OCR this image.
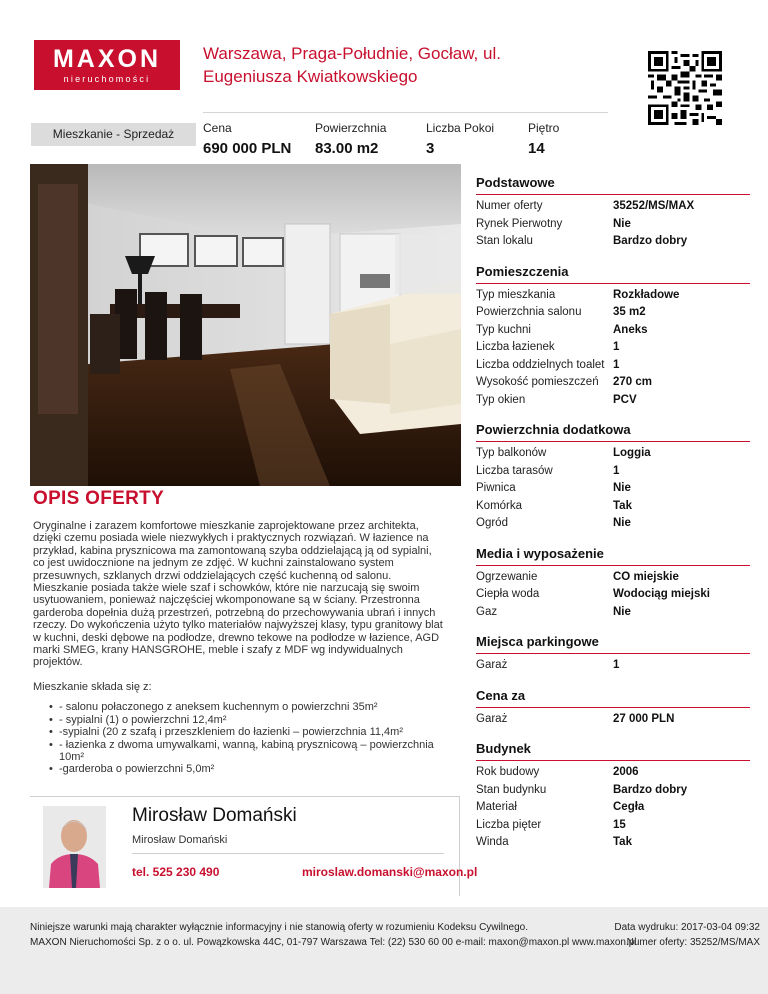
MAXON
nieruchomości
Warszawa, Praga-Południe, Gocław, ul. Eugeniusza Kwiatkowskiego
Mieszkanie - Sprzedaż	Cena
690 000 PLN
Powierzchnia
83.00 m2
Liczba Pokoi
3
Piętro
14
Podstawowe
Numer oferty	35252/MS/MAX
Rynek Pierwotny	Nie
Stan lokalu	Bardzo dobry
Pomieszczenia
Typ mieszkania	Rozkładowe
Powierzchnia salonu	35 m2
Typ kuchni	Aneks
Liczba łazienek	1
Liczba oddzielnych toalet 1
Wysokość pomieszczeń	270 cm
Typ okien	PCV
Powierzchnia dodatkowa
Typ balkonów	Loggia
Liczba tarasów	1
Piwnica	Nie
Komórka	Tak
Ogród	Nie
Media i wyposażenie
Ogrzewanie	CO miejskie
Ciepła woda	Wodociąg miejski
Gaz	Nie
Miejsca parkingowe
Garaż	1
Cena za
Garaż	27 000 PLN
Budynek
Rok budowy	2006
Stan budynku	Bardzo dobry
Materiał	Cegła
Liczba pięter	15
Winda	Tak
OPIS OFERTY

Oryginalne i zarazem komfortowe mieszkanie zaprojektowane przez architekta, dzięki czemu posiada wiele niezwykłych i praktycznych rozwiązań. W łazience na przykład, kabina prysznicowa ma zamontowaną szyba oddzielającą ją od sypialni, co jest uwidocznione na jednym ze zdjęć. W kuchni zainstalowano system przesuwnych, szklanych drzwi oddzielających część kuchenną od salonu. Mieszkanie posiada także wiele szaf i schowków, które nie narzucają się swoim usytuowaniem, ponieważ najczęściej wkomponowane są w ściany. Przestronna garderoba dopełnia dużą przestrzeń, potrzebną do przechowywania ubrań i innych rzeczy. Do wykończenia użyto tylko materiałów najwyższej klasy, typu granitowy blat w kuchni, deski dębowe na podłodze, drewno tekowe na podłodze w łazience, AGD marki SMEG, krany HANSGROHE, meble i szafy z MDF wg indywidualnych projektów.

Mieszkanie składa się z:
• - salonu połaczonego z aneksem kuchennym o powierzchni 35m²
• - sypialni (1) o powierzchni 12,4m²
• -sypialni (20 z szafą i przeszkleniem do łazienki – powierzchnia 11,4m²
• - łazienka z dwoma umywalkami, wanną, kabiną prysznicową – powierzchnia 10m²
• -garderoba o powierzchni 5,0m²
Mirosław Domański
Mirosław Domański
tel. 525 230 490	miroslaw.domanski@maxon.pl
Niniejsze warunki mają charakter wyłącznie informacyjny i nie stanowią oferty w rozumieniu Kodeksu Cywilnego.
MAXON Nieruchomości Sp. z o o. ul. Powązkowska 44C, 01-797 Warszawa Tel: (22) 530 60 00 e-mail: maxon@maxon.pl www.maxon.pl
Data wydruku: 2017-03-04 09:32
Numer oferty: 35252/MS/MAX
